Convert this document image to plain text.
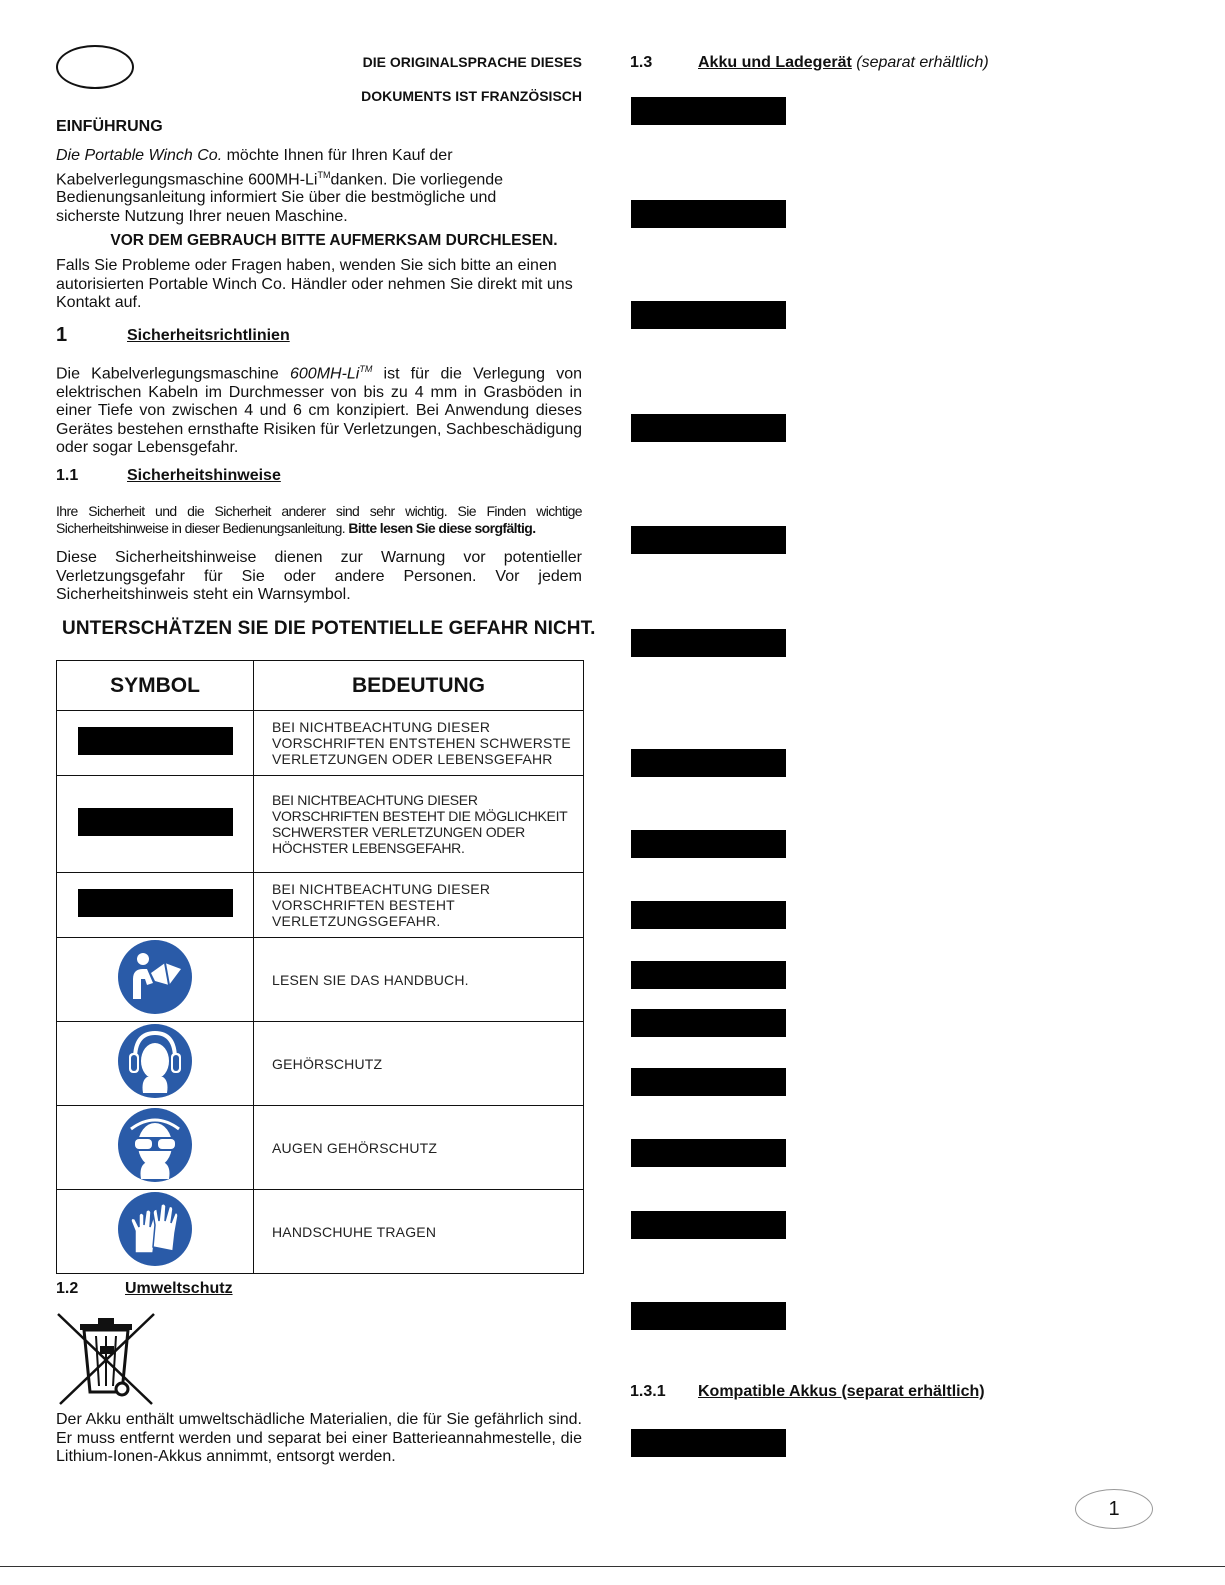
DIE ORIGINALSPRACHE DIESES
DOKUMENTS IST FRANZÖSISCH
EINFÜHRUNG
Die Portable Winch Co. möchte Ihnen für Ihren Kauf der Kabelverlegungsmaschine 600MH-Li™danken. Die vorliegende Bedienungsanleitung informiert Sie über die bestmögliche und sicherste Nutzung Ihrer neuen Maschine.
VOR DEM GEBRAUCH BITTE AUFMERKSAM DURCHLESEN.
Falls Sie Probleme oder Fragen haben, wenden Sie sich bitte an einen autorisierten Portable Winch Co. Händler oder nehmen Sie direkt mit uns Kontakt auf.
1	Sicherheitsrichtlinien
Die Kabelverlegungsmaschine 600MH-Li™ ist für die Verlegung von elektrischen Kabeln im Durchmesser von bis zu 4 mm in Grasböden in einer Tiefe von zwischen 4 und 6 cm konzipiert. Bei Anwendung dieses Gerätes bestehen ernsthafte Risiken für Verletzungen, Sachbeschädigung oder sogar Lebensgefahr.
1.1	Sicherheitshinweise
Ihre Sicherheit und die Sicherheit anderer sind sehr wichtig. Sie Finden wichtige Sicherheitshinweise in dieser Bedienungsanleitung. Bitte lesen Sie diese sorgfältig.
Diese Sicherheitshinweise dienen zur Warnung vor potentieller Verletzungsgefahr für Sie oder andere Personen. Vor jedem Sicherheitshinweis steht ein Warnsymbol.
UNTERSCHÄTZEN SIE DIE POTENTIELLE GEFAHR NICHT.
SYMBOL	BEDEUTUNG
	BEI NICHTBEACHTUNG DIESER VORSCHRIFTEN ENTSTEHEN SCHWERSTE VERLETZUNGEN ODER LEBENSGEFAHR
	BEI NICHTBEACHTUNG DIESER VORSCHRIFTEN BESTEHT DIE MÖGLICHKEIT SCHWERSTER VERLETZUNGEN ODER HÖCHSTER LEBENSGEFAHR.
	BEI NICHTBEACHTUNG DIESER VORSCHRIFTEN BESTEHT VERLETZUNGSGEFAHR.
	LESEN SIE DAS HANDBUCH.
	GEHÖRSCHUTZ
	AUGEN GEHÖRSCHUTZ
	HANDSCHUHE TRAGEN
1.2	Umweltschutz
Der Akku enthält umweltschädliche Materialien, die für Sie gefährlich sind. Er muss entfernt werden und separat bei einer Batterieannahmestelle, die Lithium-Ionen-Akkus annimmt, entsorgt werden.
1.3	Akku und Ladegerät (separat erhältlich)
1.3.1 Kompatible Akkus (separat erhältlich)
1
